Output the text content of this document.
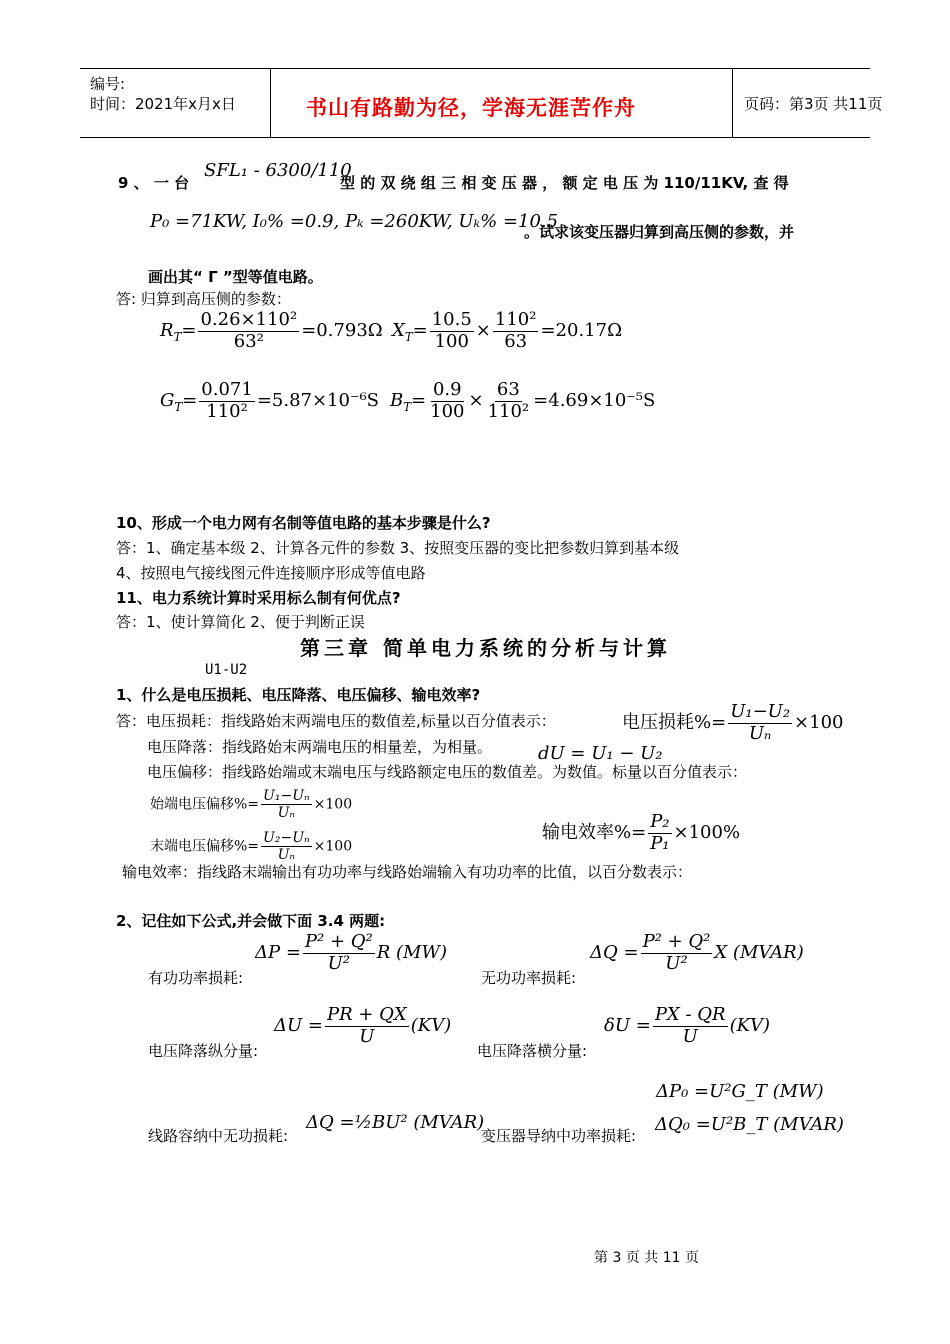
编号:
时间：2021年x月x日	书山有路勤为径，学海无涯苦作舟	页码：第3页 共11页
9 、 一 台
SFL₁ - 6300/110
型 的 双 绕 组 三 相 变 压 器 ， 额 定 电 压 为 110/11KV, 查 得
P₀ =71KW, I₀% =0.9, Pₖ =260KW, Uₖ% =10.5
。试求该变压器归算到高压侧的参数，并
画出其“ Γ ”型等值电路。
答: 归算到高压侧的参数：
$R_T= \frac{\text{0.26×110²}}{\text{63²}} =0.793\Omega$ $X_T= \frac{10.5}{100} \times \frac{\text{110²}}{63} =20.17\Omega$
$G_T= \frac{0.071}{\text{110²}} =5.87\times 10^{-6}S$ $B_T= \frac{0.9}{100} \times \frac{63}{\text{110²}} =4.69\times 10^{-5}S$
10、形成一个电力网有名制等值电路的基本步骤是什么?
答：1、确定基本级 2、计算各元件的参数 3、按照变压器的变比把参数归算到基本级
4、按照电气接线图元件连接顺序形成等值电路
11、电力系统计算时采用标么制有何优点?
答：1、使计算简化 2、便于判断正误
第三章 简单电力系统的分析与计算
U1-U2
1、什么是电压损耗、电压降落、电压偏移、输电效率?
答：电压损耗：指线路始末两端电压的数值差,标量以百分值表示：
电压降落：指线路始末两端电压的相量差，为相量。
电压偏移：指线路始端或末端电压与线路额定电压的数值差。为数值。标量以百分值表示：
电压损耗%= $\frac{\text{U₁−U₂}}{\text{Uₙ}} \times 100$
dU = U₁ − U₂
始端电压偏移%= $\frac{\text{U₁−Uₙ}}{\text{Uₙ}} \times 100$
末端电压偏移%= $\frac{\text{U₂−Uₙ}}{\text{Uₙ}} \times 100$
输电效率%= $\frac{\text{P₂}}{\text{P₁}} \times 100\%$
输电效率：指线路末端输出有功功率与线路始端输入有功功率的比值，以百分数表示：
2、记住如下公式,并会做下面 3.4 两题:
有功功率损耗:
$\Delta P = \frac{\text{P² + Q²}}{\text{U²}}$ R (MW)
无功功率损耗:
$\Delta Q = \frac{\text{P² + Q²}}{\text{U²}}$ X (MVAR)
电压降落纵分量:
$\Delta U = \frac{PR + QX}{U} (KV)$
电压降落横分量:
$\delta U = \frac{PX - QR}{U} (KV)$
ΔP₀ =U²G_T (MW)
线路容纳中无功损耗:
ΔQ =½BU² (MVAR)
变压器导纳中功率损耗:
ΔQ₀ =U²B_T (MVAR)
第 3 页 共 11 页
